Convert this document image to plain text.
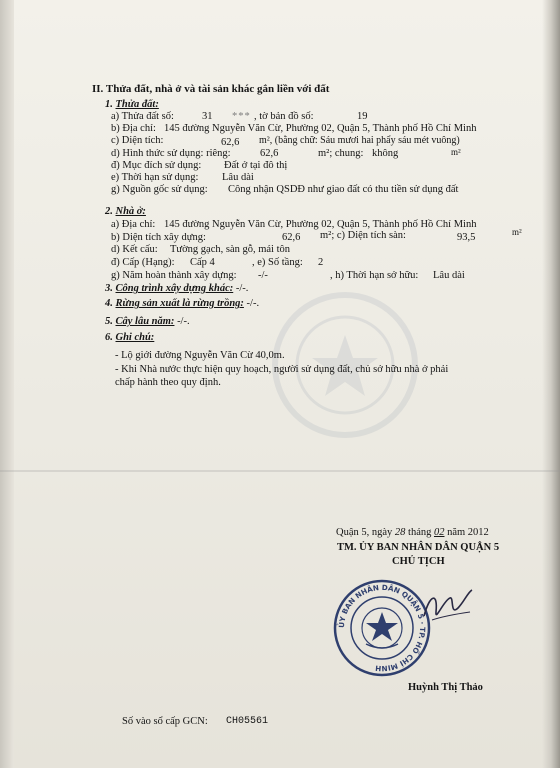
II. Thửa đất, nhà ở và tài sản khác gắn liền với đất
1. Thửa đất:
a) Thửa đất số:	31 *** , tờ bản đồ số:	19
b) Địa chỉ: 145 đường Nguyễn Văn Cừ, Phường 02, Quận 5, Thành phố Hồ Chí Minh
c) Diện tích:	62,6 m², (bằng chữ: Sáu mươi hai phẩy sáu mét vuông)
d) Hình thức sử dụng: riêng:	62,6	m²; chung: không	m²
đ) Mục đích sử dụng: Đất ở tại đô thị
e) Thời hạn sử dụng: Lâu dài
g) Nguồn gốc sử dụng: Công nhận QSDĐ như giao đất có thu tiền sử dụng đất
2. Nhà ở:
a) Địa chỉ: 145 đường Nguyễn Văn Cừ, Phường 02, Quận 5, Thành phố Hồ Chí Minh
b) Diện tích xây dựng:	62,6 m²; c) Diện tích sàn:	93,5	m²
d) Kết cấu: Tường gạch, sàn gỗ, mái tôn
đ) Cấp (Hạng): Cấp 4	, e) Số tầng: 2
g) Năm hoàn thành xây dựng: -/-	, h) Thời hạn sở hữu: Lâu dài
3. Công trình xây dựng khác: -/-.
4. Rừng sản xuất là rừng trồng: -/-.
5. Cây lâu năm: -/-.
6. Ghi chú:
- Lộ giới đường Nguyễn Văn Cừ 40,0m.
- Khi Nhà nước thực hiện quy hoạch, người sử dụng đất, chủ sở hữu nhà ở phải
chấp hành theo quy định.
Quận 5, ngày 28 tháng 02 năm 2012
TM. ỦY BAN NHÂN DÂN QUẬN 5
CHỦ TỊCH
ỦY BAN NHÂN DÂN QUẬN 5 · TP. HỒ CHÍ MINH
Huỳnh Thị Thảo
Số vào sổ cấp GCN: CH05561
